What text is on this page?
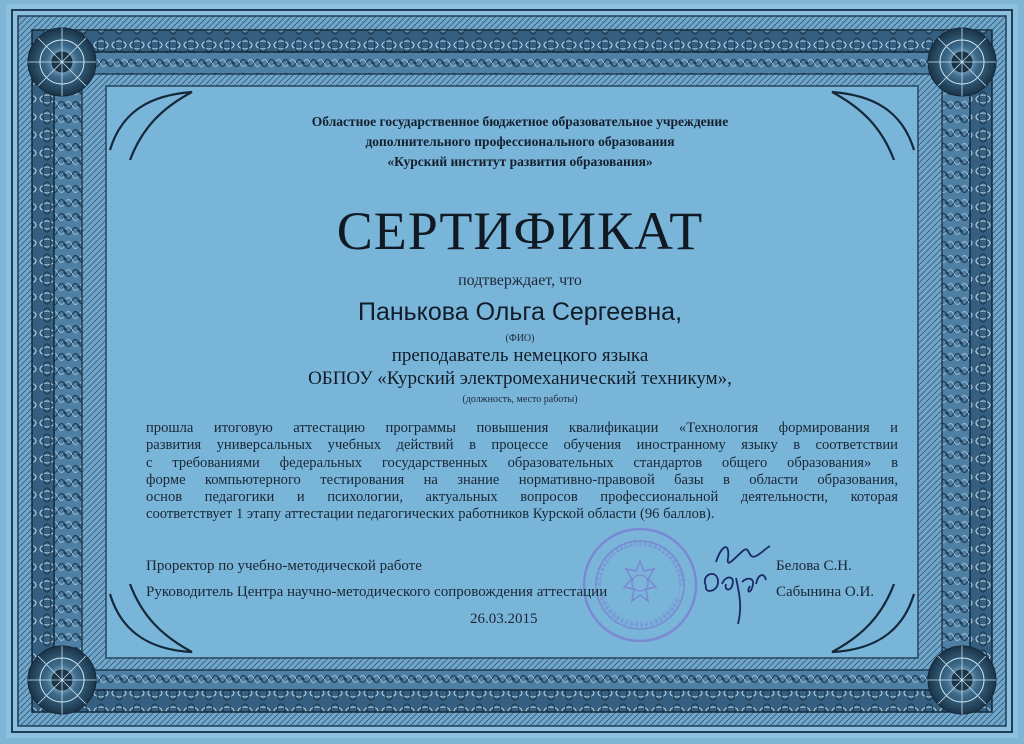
Областное государственное бюджетное образовательное учреждение
дополнительного профессионального образования
«Курский институт развития образования»
СЕРТИФИКАТ
подтверждает, что
Панькова Ольга Сергеевна,
(ФИО)
преподаватель немецкого языка
ОБПОУ «Курский электромеханический техникум»,
(должность, место работы)
прошла итоговую аттестацию программы повышения квалификации «Технология формирования и
развития универсальных учебных действий в процессе обучения иностранному языку в соответствии
с требованиями федеральных государственных образовательных стандартов общего образования» в
форме компьютерного тестирования на знание нормативно-правовой базы в области образования,
основ педагогики и психологии, актуальных вопросов профессиональной деятельности, которая
соответствует 1 этапу аттестации педагогических работников Курской области (96 баллов).
Проректор по учебно-методической работе	Белова С.Н.
Руководитель Центра научно-методического сопровождения аттестации	Сабынина О.И.
26.03.2015
